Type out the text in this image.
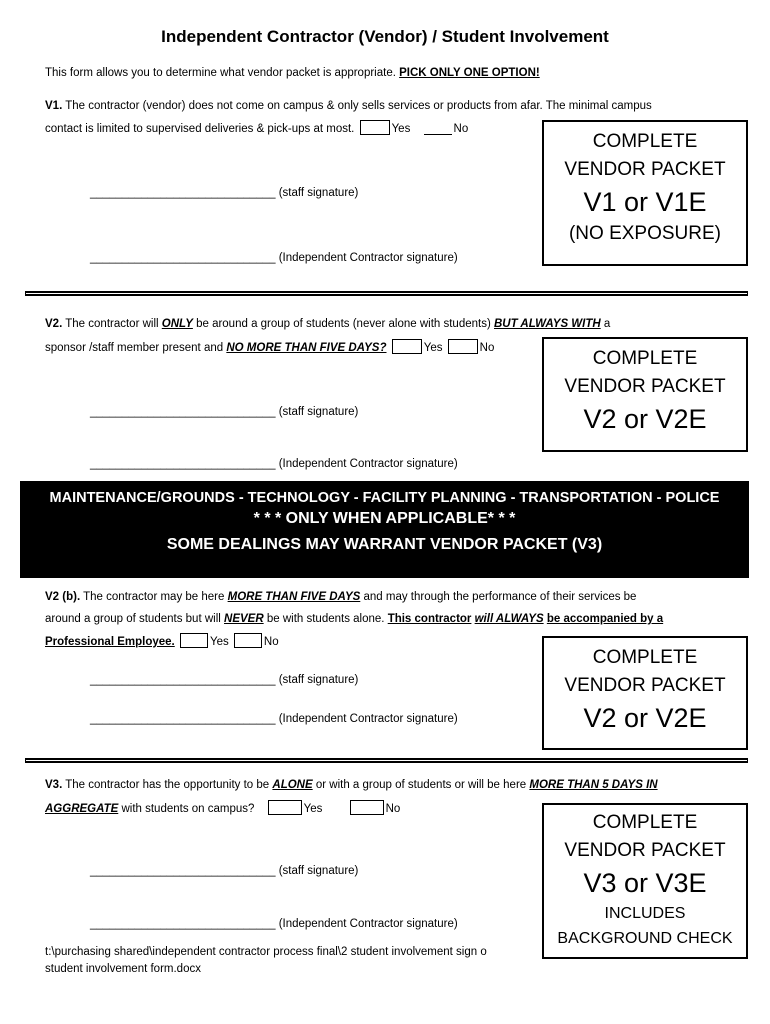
Independent Contractor (Vendor) / Student Involvement
This form allows you to determine what vendor packet is appropriate. PICK ONLY ONE OPTION!
V1. The contractor (vendor) does not come on campus & only sells services or products from afar. The minimal campus
contact is limited to supervised deliveries & pick-ups at most.	Yes	No
_____________________________ (staff signature)
_____________________________ (Independent Contractor signature)
COMPLETE
VENDOR PACKET
V1 or V1E
(NO EXPOSURE)
V2. The contractor will ONLY be around a group of students (never alone with students) BUT ALWAYS WITH a
sponsor /staff member present and NO MORE THAN FIVE DAYS?	Yes	No
_____________________________ (staff signature)
_____________________________ (Independent Contractor signature)
COMPLETE
VENDOR PACKET
V2 or V2E
MAINTENANCE/GROUNDS - TECHNOLOGY - FACILITY PLANNING - TRANSPORTATION - POLICE
* * * ONLY WHEN APPLICABLE* * *
SOME DEALINGS MAY WARRANT VENDOR PACKET (V3)
V2 (b). The contractor may be here MORE THAN FIVE DAYS and may through the performance of their services be
around a group of students but will NEVER be with students alone. This contractor will ALWAYS be accompanied by a
Professional Employee.	Yes	No
_____________________________ (staff signature)
_____________________________ (Independent Contractor signature)
COMPLETE
VENDOR PACKET
V2 or V2E
V3. The contractor has the opportunity to be ALONE or with a group of students or will be here MORE THAN 5 DAYS IN
AGGREGATE with students on campus?	Yes	No
_____________________________ (staff signature)
_____________________________ (Independent Contractor signature)
t:\purchasing shared\independent contractor process final\2 student involvement sign o
student involvement form.docx
COMPLETE
VENDOR PACKET
V3 or V3E
INCLUDES
BACKGROUND CHECK
